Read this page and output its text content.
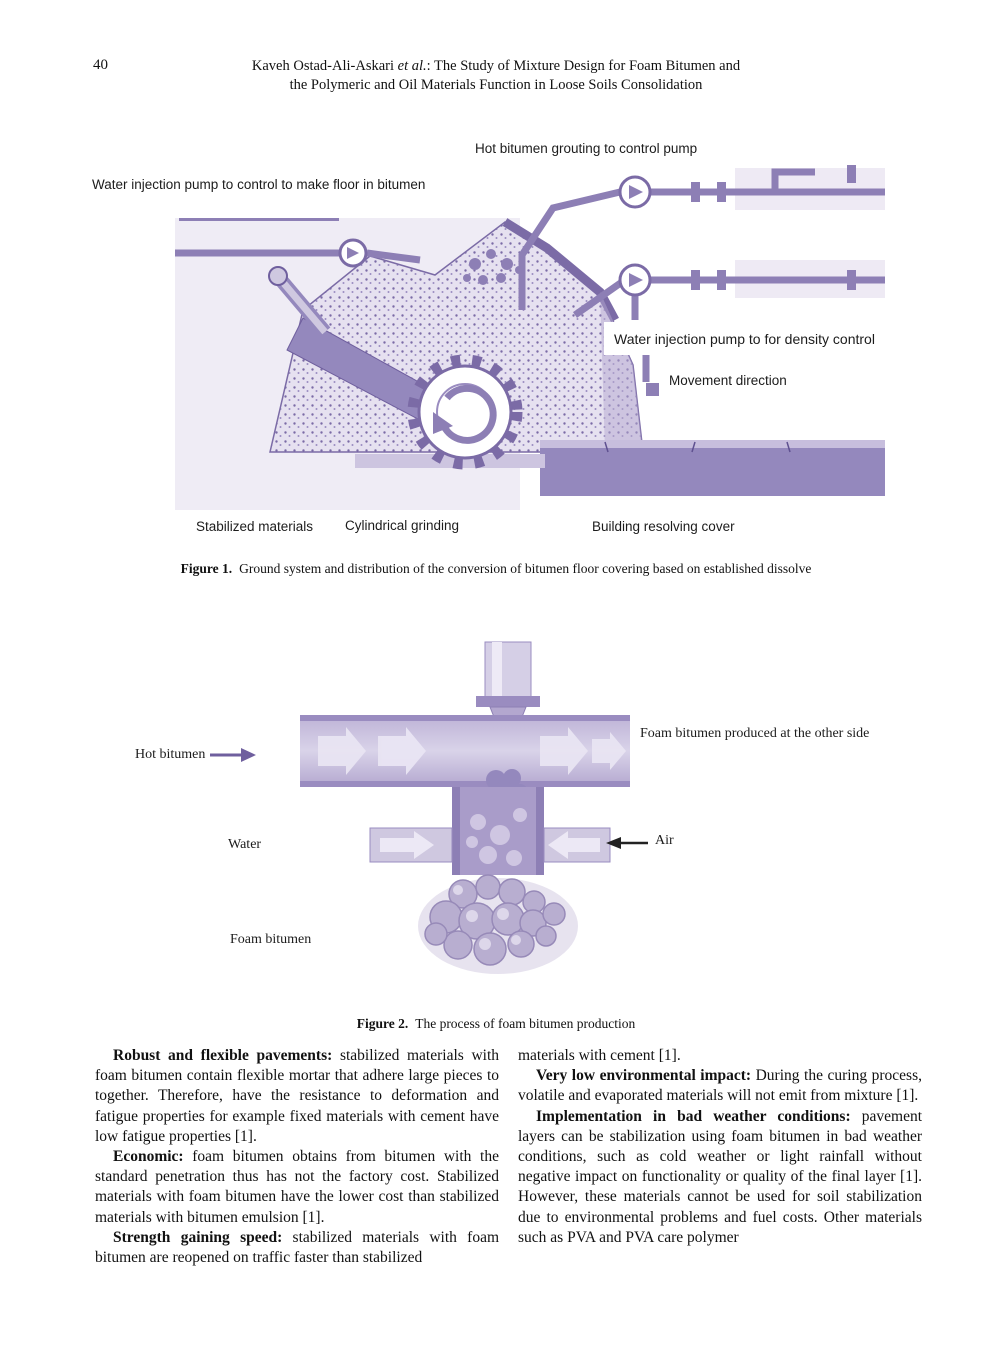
40	Kaveh Ostad-Ali-Askari et al.: The Study of Mixture Design for Foam Bitumen and
the Polymeric and Oil Materials Function in Loose Soils Consolidation
Hot bitumen grouting to control pump
Water injection pump to control to make floor in bitumen
Water injection pump to for density control
Movement direction
Stabilized materials Cylindrical grinding	Building resolving cover
Figure 1. Ground system and distribution of the conversion of bitumen floor covering based on established dissolve
Hot bitumen
Foam bitumen produced at the other side
Water	Air
Foam bitumen
Figure 2. The process of foam bitumen production

Robust and flexible pavements: stabilized materials with foam bitumen contain flexible mortar that adhere large pieces to together. Therefore, have the resistance to deformation and fatigue properties for example fixed materials with cement have low fatigue properties [1].

Economic: foam bitumen obtains from bitumen with the standard penetration thus has not the factory cost. Stabilized materials with foam bitumen have the lower cost than stabilized materials with bitumen emulsion [1].

Strength gaining speed: stabilized materials with foam bitumen are reopened on traffic faster than stabilized

materials with cement [1].

Very low environmental impact: During the curing process, volatile and evaporated materials will not emit from mixture [1].

Implementation in bad weather conditions: pavement layers can be stabilization using foam bitumen in bad weather conditions, such as cold weather or light rainfall without negative impact on functionality or quality of the final layer [1]. However, these materials cannot be used for soil stabilization due to environmental problems and fuel costs. Other materials such as PVA and PVA care polymer
